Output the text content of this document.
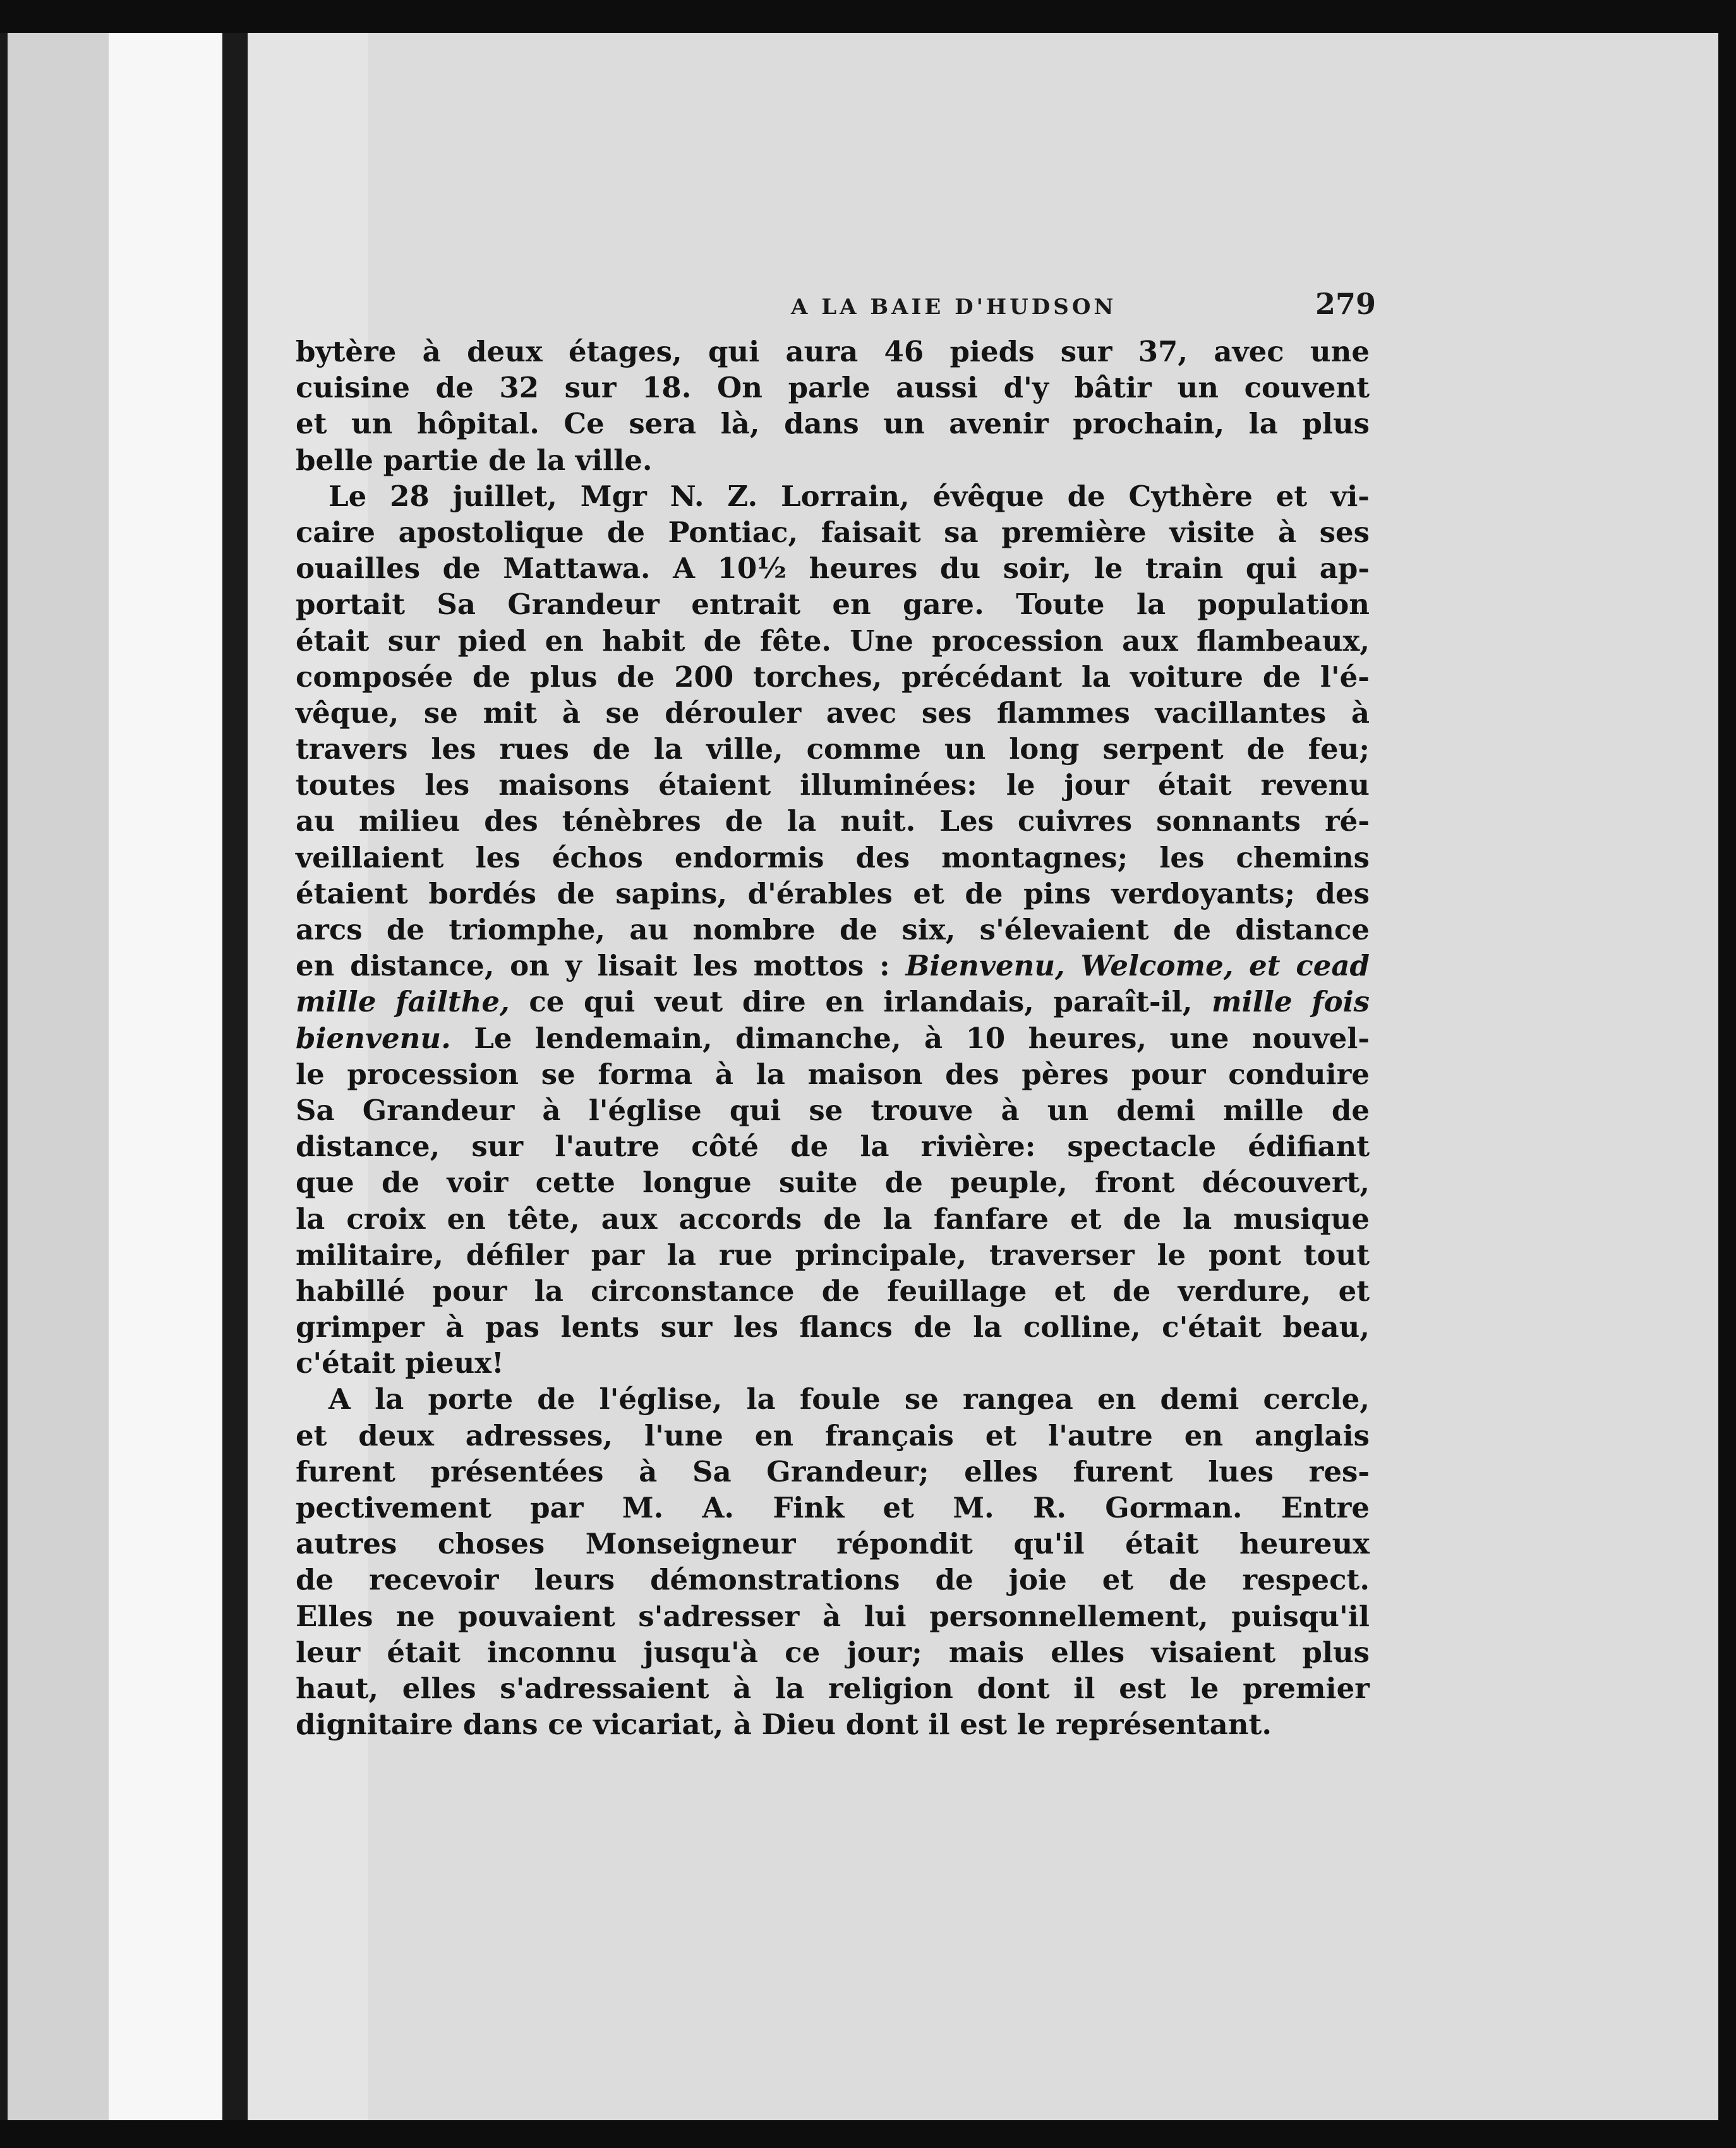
A LA BAIE D'HUDSON	279
bytère à deux étages, qui aura 46 pieds sur 37, avec une
cuisine de 32 sur 18. On parle aussi d'y bâtir un couvent
et un hôpital. Ce sera là, dans un avenir prochain, la plus
belle partie de la ville.
Le 28 juillet, Mgr N. Z. Lorrain, évêque de Cythère et vi-
caire apostolique de Pontiac, faisait sa première visite à ses
ouailles de Mattawa. A 10½ heures du soir, le train qui ap-
portait Sa Grandeur entrait en gare. Toute la population
était sur pied en habit de fête. Une procession aux flambeaux,
composée de plus de 200 torches, précédant la voiture de l'é-
vêque, se mit à se dérouler avec ses flammes vacillantes à
travers les rues de la ville, comme un long serpent de feu;
toutes les maisons étaient illuminées: le jour était revenu
au milieu des ténèbres de la nuit. Les cuivres sonnants ré-
veillaient les échos endormis des montagnes; les chemins
étaient bordés de sapins, d'érables et de pins verdoyants; des
arcs de triomphe, au nombre de six, s'élevaient de distance
en distance, on y lisait les mottos : Bienvenu, Welcome, et cead
mille failthe, ce qui veut dire en irlandais, paraît-il, mille fois
bienvenu. Le lendemain, dimanche, à 10 heures, une nouvel-
le procession se forma à la maison des pères pour conduire
Sa Grandeur à l'église qui se trouve à un demi mille de
distance, sur l'autre côté de la rivière: spectacle édifiant
que de voir cette longue suite de peuple, front découvert,
la croix en tête, aux accords de la fanfare et de la musique
militaire, défiler par la rue principale, traverser le pont tout
habillé pour la circonstance de feuillage et de verdure, et
grimper à pas lents sur les flancs de la colline, c'était beau,
c'était pieux!
A la porte de l'église, la foule se rangea en demi cercle,
et deux adresses, l'une en français et l'autre en anglais
furent présentées à Sa Grandeur; elles furent lues res-
pectivement par M. A. Fink et M. R. Gorman. Entre
autres choses Monseigneur répondit qu'il était heureux
de recevoir leurs démonstrations de joie et de respect.
Elles ne pouvaient s'adresser à lui personnellement, puisqu'il
leur était inconnu jusqu'à ce jour; mais elles visaient plus
haut, elles s'adressaient à la religion dont il est le premier
dignitaire dans ce vicariat, à Dieu dont il est le représentant.
